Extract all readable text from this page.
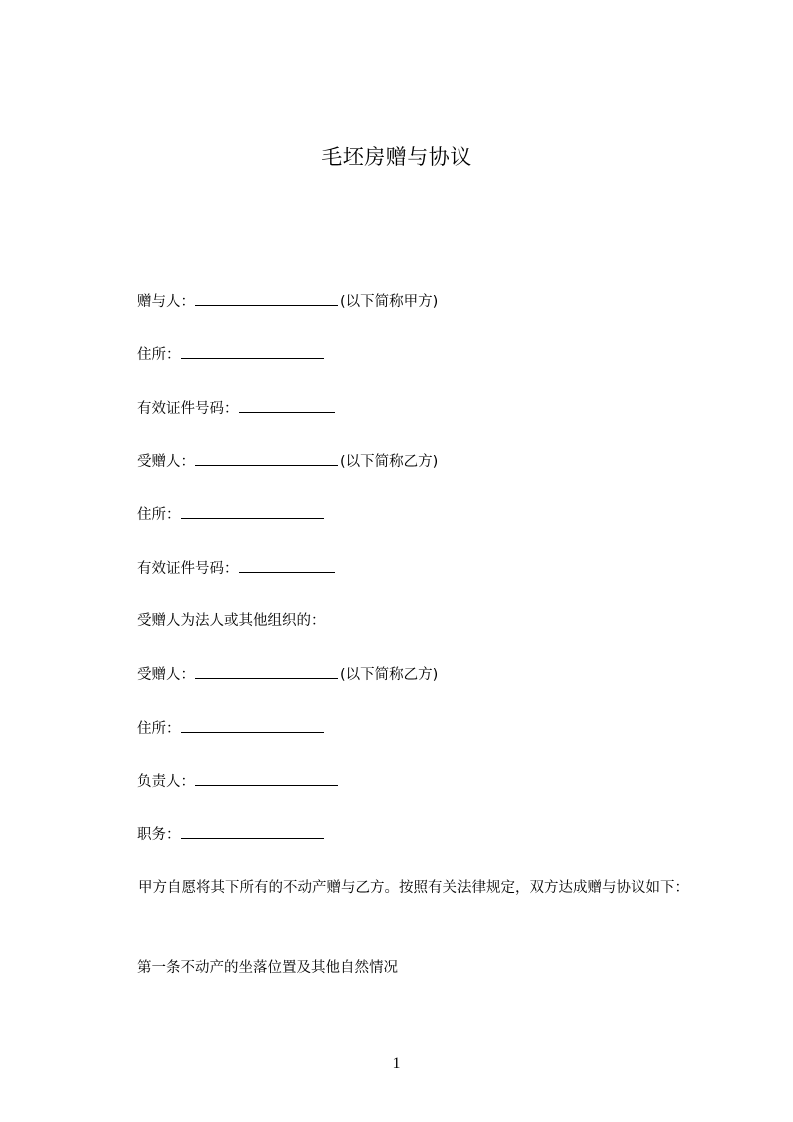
毛坯房赠与协议
赠与人：	(以下简称甲方)
住所：
有效证件号码：
受赠人：	(以下简称乙方)
住所：
有效证件号码：
受赠人为法人或其他组织的：
受赠人：	(以下简称乙方)
住所：
负责人：
职务：
甲方自愿将其下所有的不动产赠与乙方。按照有关法律规定，双方达成赠与协议如下：
第一条不动产的坐落位置及其他自然情况
1
